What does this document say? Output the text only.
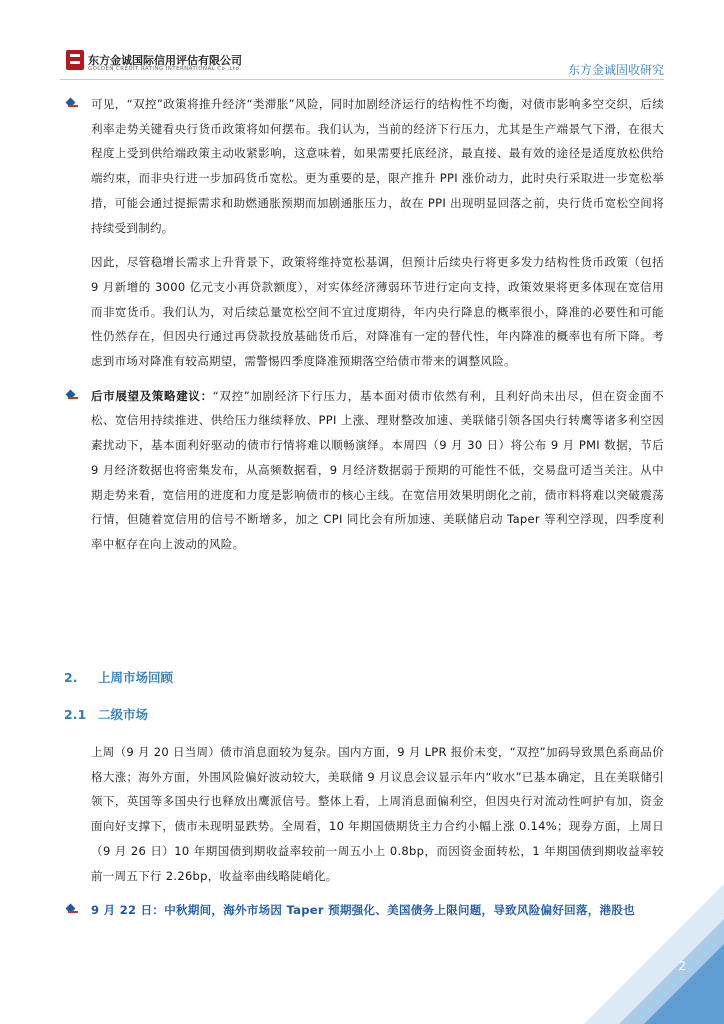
东方金诚国际信用评估有限公司
GOLDEN CREDIT RATING INTERNATIONAL Co.,Ltd.	东方金诚固收研究

可见，“双控”政策将推升经济“类滞胀”风险，同时加剧经济运行的结构性不均衡，对债市影响多空交织，后续利率走势关键看央行货币政策将如何摆布。我们认为，当前的经济下行压力，尤其是生产端景气下滑，在很大程度上受到供给端政策主动收紧影响，这意味着，如果需要托底经济，最直接、最有效的途径是适度放松供给端约束，而非央行进一步加码货币宽松。更为重要的是，限产推升 PPI 涨价动力，此时央行采取进一步宽松举措，可能会通过提振需求和助燃通胀预期而加剧通胀压力，故在 PPI 出现明显回落之前，央行货币宽松空间将持续受到制约。

因此，尽管稳增长需求上升背景下，政策将维持宽松基调，但预计后续央行将更多发力结构性货币政策（包括 9 月新增的 3000 亿元支小再贷款额度），对实体经济薄弱环节进行定向支持，政策效果将更多体现在宽信用而非宽货币。我们认为，对后续总量宽松空间不宜过度期待，年内央行降息的概率很小，降准的必要性和可能性仍然存在，但因央行通过再贷款投放基础货币后，对降准有一定的替代性，年内降准的概率也有所下降。考虑到市场对降准有较高期望，需警惕四季度降准预期落空给债市带来的调整风险。

后市展望及策略建议：“双控”加剧经济下行压力，基本面对债市依然有利，且利好尚未出尽，但在资金面不松、宽信用持续推进、供给压力继续释放、PPI 上涨、理财整改加速、美联储引领各国央行转鹰等诸多利空因素扰动下，基本面利好驱动的债市行情将难以顺畅演绎。本周四（9 月 30 日）将公布 9 月 PMI 数据，节后 9 月经济数据也将密集发布，从高频数据看，9 月经济数据弱于预期的可能性不低，交易盘可适当关注。从中期走势来看，宽信用的进度和力度是影响债市的核心主线。在宽信用效果明朗化之前，债市料将难以突破震荡行情，但随着宽信用的信号不断增多，加之 CPI 同比会有所加速、美联储启动 Taper 等利空浮现，四季度利率中枢存在向上波动的风险。

2. 上周市场回顾
2.1 二级市场

上周（9 月 20 日当周）债市消息面较为复杂。国内方面，9 月 LPR 报价未变，“双控”加码导致黑色系商品价格大涨；海外方面，外围风险偏好波动较大，美联储 9 月议息会议显示年内“收水”已基本确定，且在美联储引领下，英国等多国央行也释放出鹰派信号。整体上看，上周消息面偏利空，但因央行对流动性呵护有加，资金面向好支撑下，债市未现明显跌势。全周看，10 年期国债期货主力合约小幅上涨 0.14%；现券方面，上周日（9 月 26 日）10 年期国债到期收益率较前一周五小上 0.8bp，而因资金面转松，1 年期国债到期收益率较前一周五下行 2.26bp，收益率曲线略陡峭化。

9 月 22 日：中秋期间，海外市场因 Taper 预期强化、美国债务上限问题，导致风险偏好回落，港股也

2
